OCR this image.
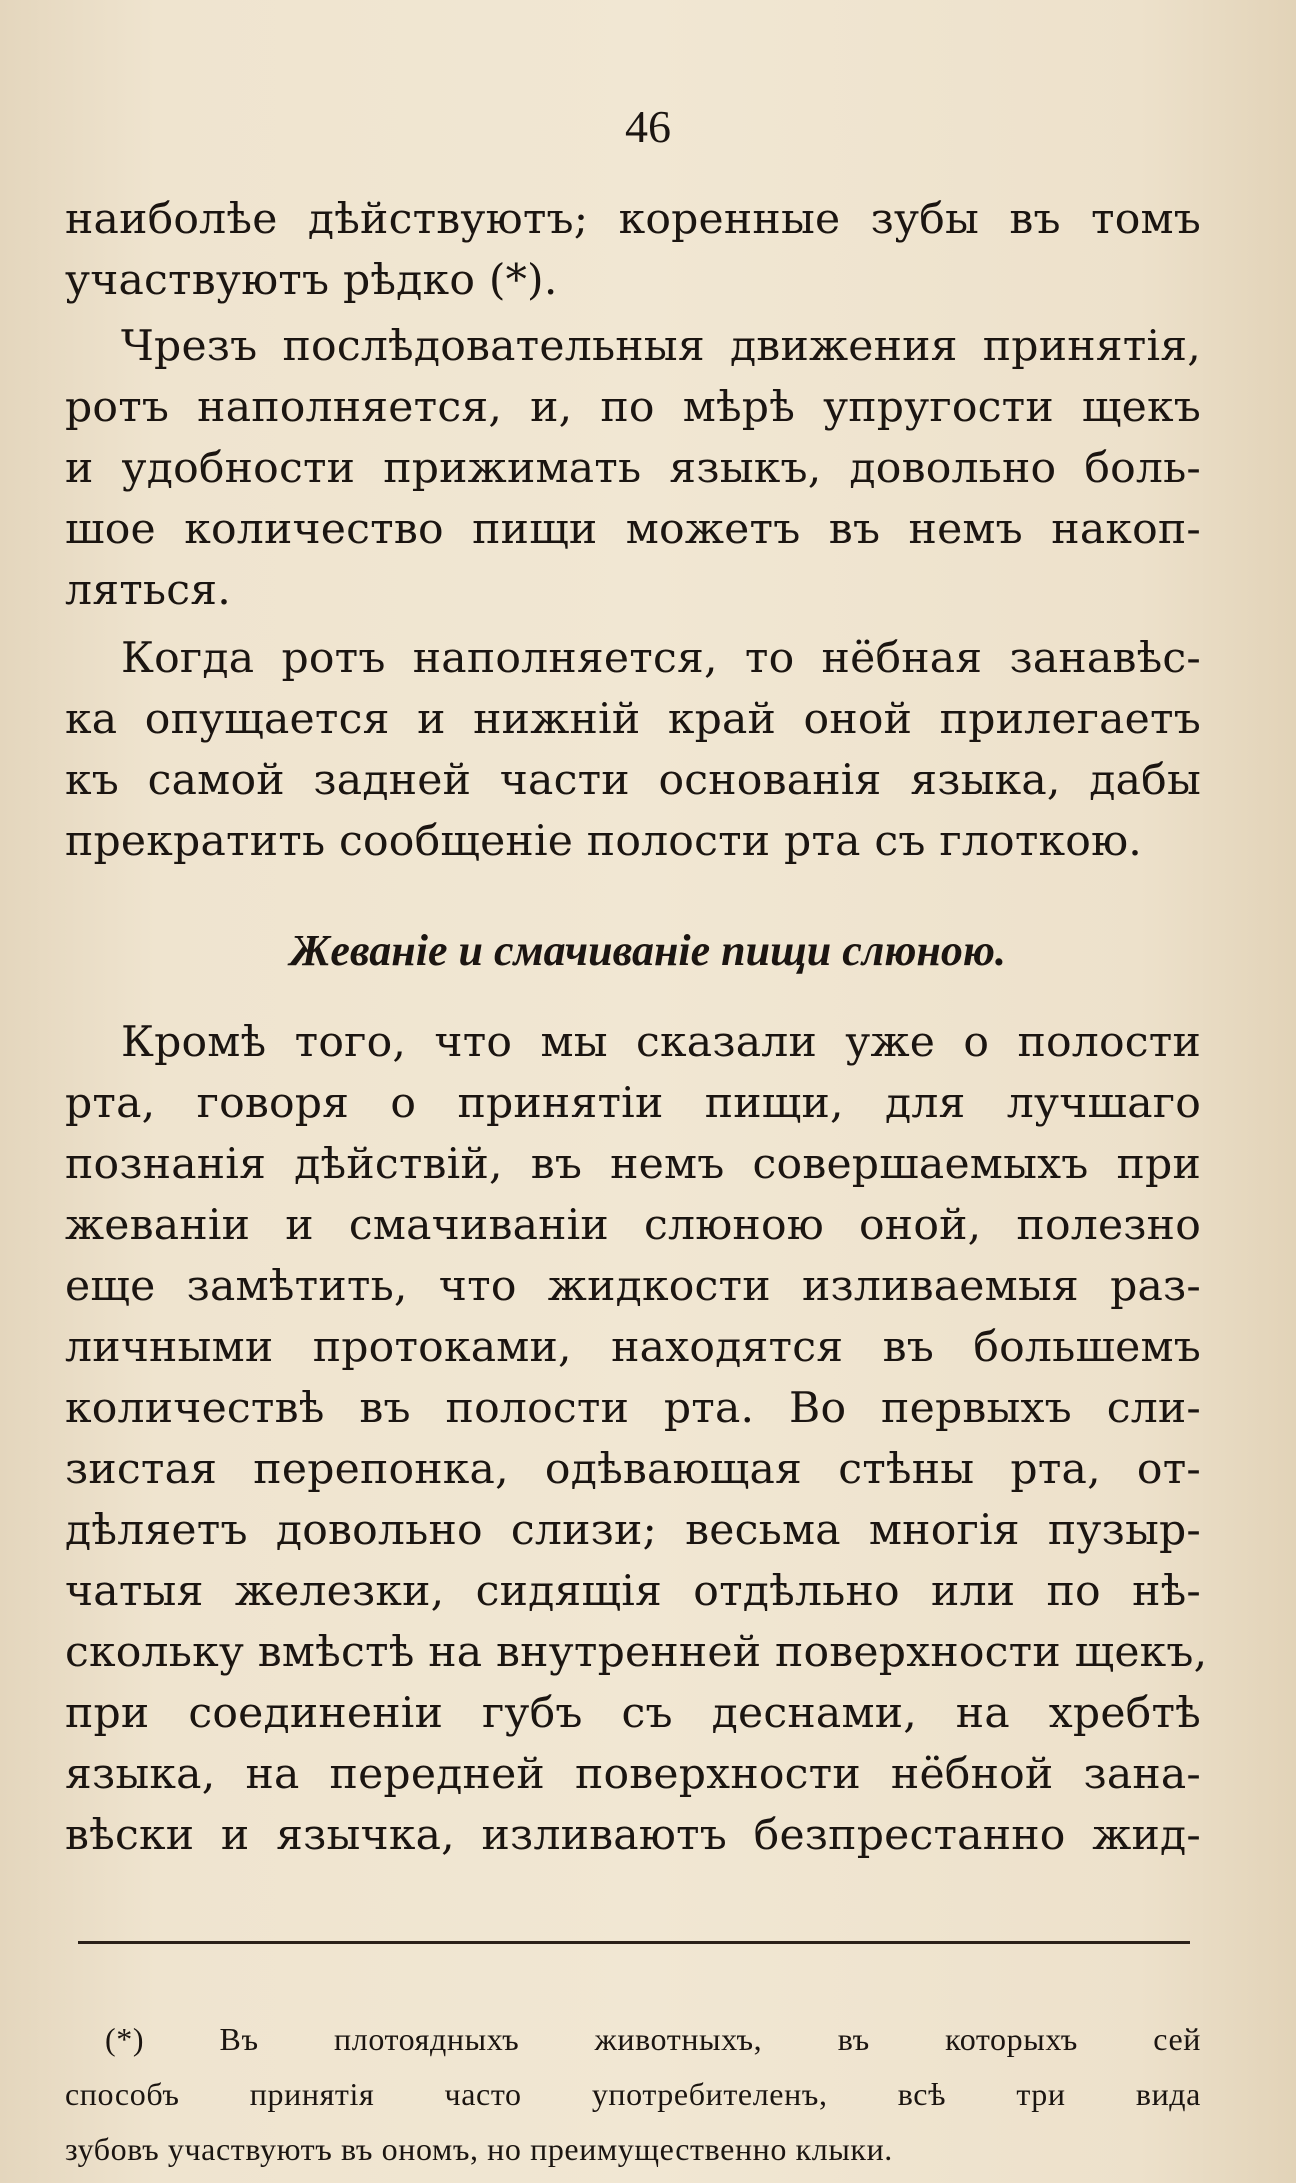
46
наиболѣе дѣйствуютъ; коренные зубы въ томъ
участвуютъ рѣдко (*).
Чрезъ послѣдовательныя движения принятія,
ротъ наполняется, и, по мѣрѣ упругости щекъ
и удобности прижимать языкъ, довольно боль-
шое количество пищи можетъ въ немъ накоп-
ляться.
Когда ротъ наполняется, то нёбная занавѣс-
ка опущается и нижній край оной прилегаетъ
къ самой задней части основанія языка, дабы
прекратить сообщеніе полости рта съ глоткою.
Жеваніе и смачиваніе пищи слюною.
Кромѣ того, что мы сказали уже о полости
рта, говоря о принятіи пищи, для лучшаго
познанія дѣйствій, въ немъ совершаемыхъ при
жеваніи и смачиваніи слюною оной, полезно
еще замѣтить, что жидкости изливаемыя раз-
личными протоками, находятся въ большемъ
количествѣ въ полости рта. Во первыхъ сли-
зистая перепонка, одѣвающая стѣны рта, от-
дѣляетъ довольно слизи; весьма многія пузыр-
чатыя железки, сидящія отдѣльно или по нѣ-
скольку вмѣстѣ на внутренней поверхности щекъ,
при соединеніи губъ съ деснами, на хребтѣ
языка, на передней поверхности нёбной зана-
вѣски и язычка, изливаютъ безпрестанно жид-
(*) Въ плотоядныхъ животныхъ, въ которыхъ сей
способъ принятія часто употребителенъ, всѣ три вида
зубовъ участвуютъ въ ономъ, но преимущественно клыки.
